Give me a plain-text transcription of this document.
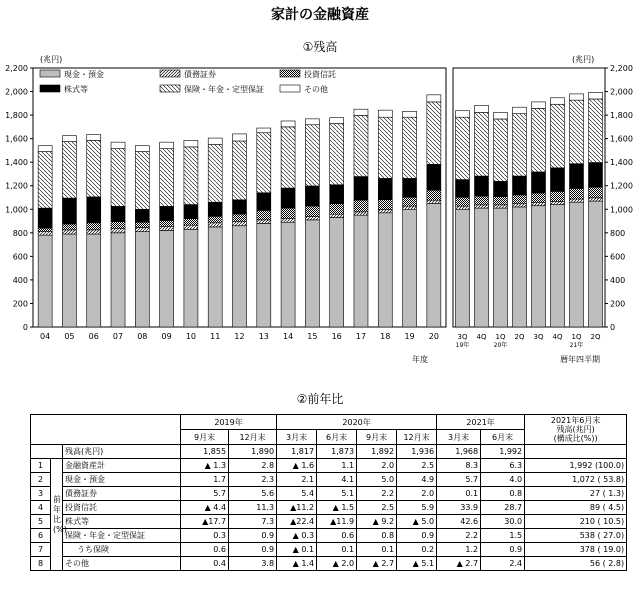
家計の金融資産
①残高
0	0
200	200
400	400
600	600
800	800
1,000	1,000
1,200	1,200
1,400	1,400
1,600	1,600
1,800	1,800
2,000	2,000
2,200	2,200
(兆円)	(兆円)
04 05 06 07 08 09 10 11 12 13 14 15 16 17 18 19 20	3Q 4Q 1Q 2Q 3Q 4Q 1Q 2Q
19年	20年	21年
年度	暦年四半期
現金・預金	債務証券	投資信託
株式等	保険・年金・定型保証	その他
②前年比
			2019年		2020年				2021年		2021年6月末
残高(兆円)
(構成比(%))

			9月末	12月末	3月末	6月末	9月末	12月末	3月末	6月末	
		残高(兆円)	1,855	1,890	1,817	1,873	1,892	1,936	1,968	1,992	
1	前年比(%)	金融資産計	▲ 1.3	2.8	▲ 1.6	1.1	2.0	2.5	8.3	6.3	1,992 (100.0)
2		現金・預金	1.7	2.3	2.1	4.1	5.0	4.9	5.7	4.0	1,072 ( 53.8)
3		債務証券	5.7	5.6	5.4	5.1	2.2	2.0	0.1	0.8	27 ( 1.3)
4		投資信託	▲ 4.4	11.3	▲11.2	▲ 1.5	2.5	5.9	33.9	28.7	89 ( 4.5)
5		株式等	▲17.7	7.3	▲22.4	▲11.9	▲ 9.2	▲ 5.0	42.6	30.0	210 ( 10.5)
6		保険・年金・定型保証	0.3	0.9	▲ 0.3	0.6	0.8	0.9	2.2	1.5	538 ( 27.0)
7		うち保険	0.6	0.9	▲ 0.1	0.1	0.1	0.2	1.2	0.9	378 ( 19.0)
8		その他	0.4	3.8	▲ 1.4	▲ 2.0	▲ 2.7	▲ 5.1	▲ 2.7	2.4	56 ( 2.8)
